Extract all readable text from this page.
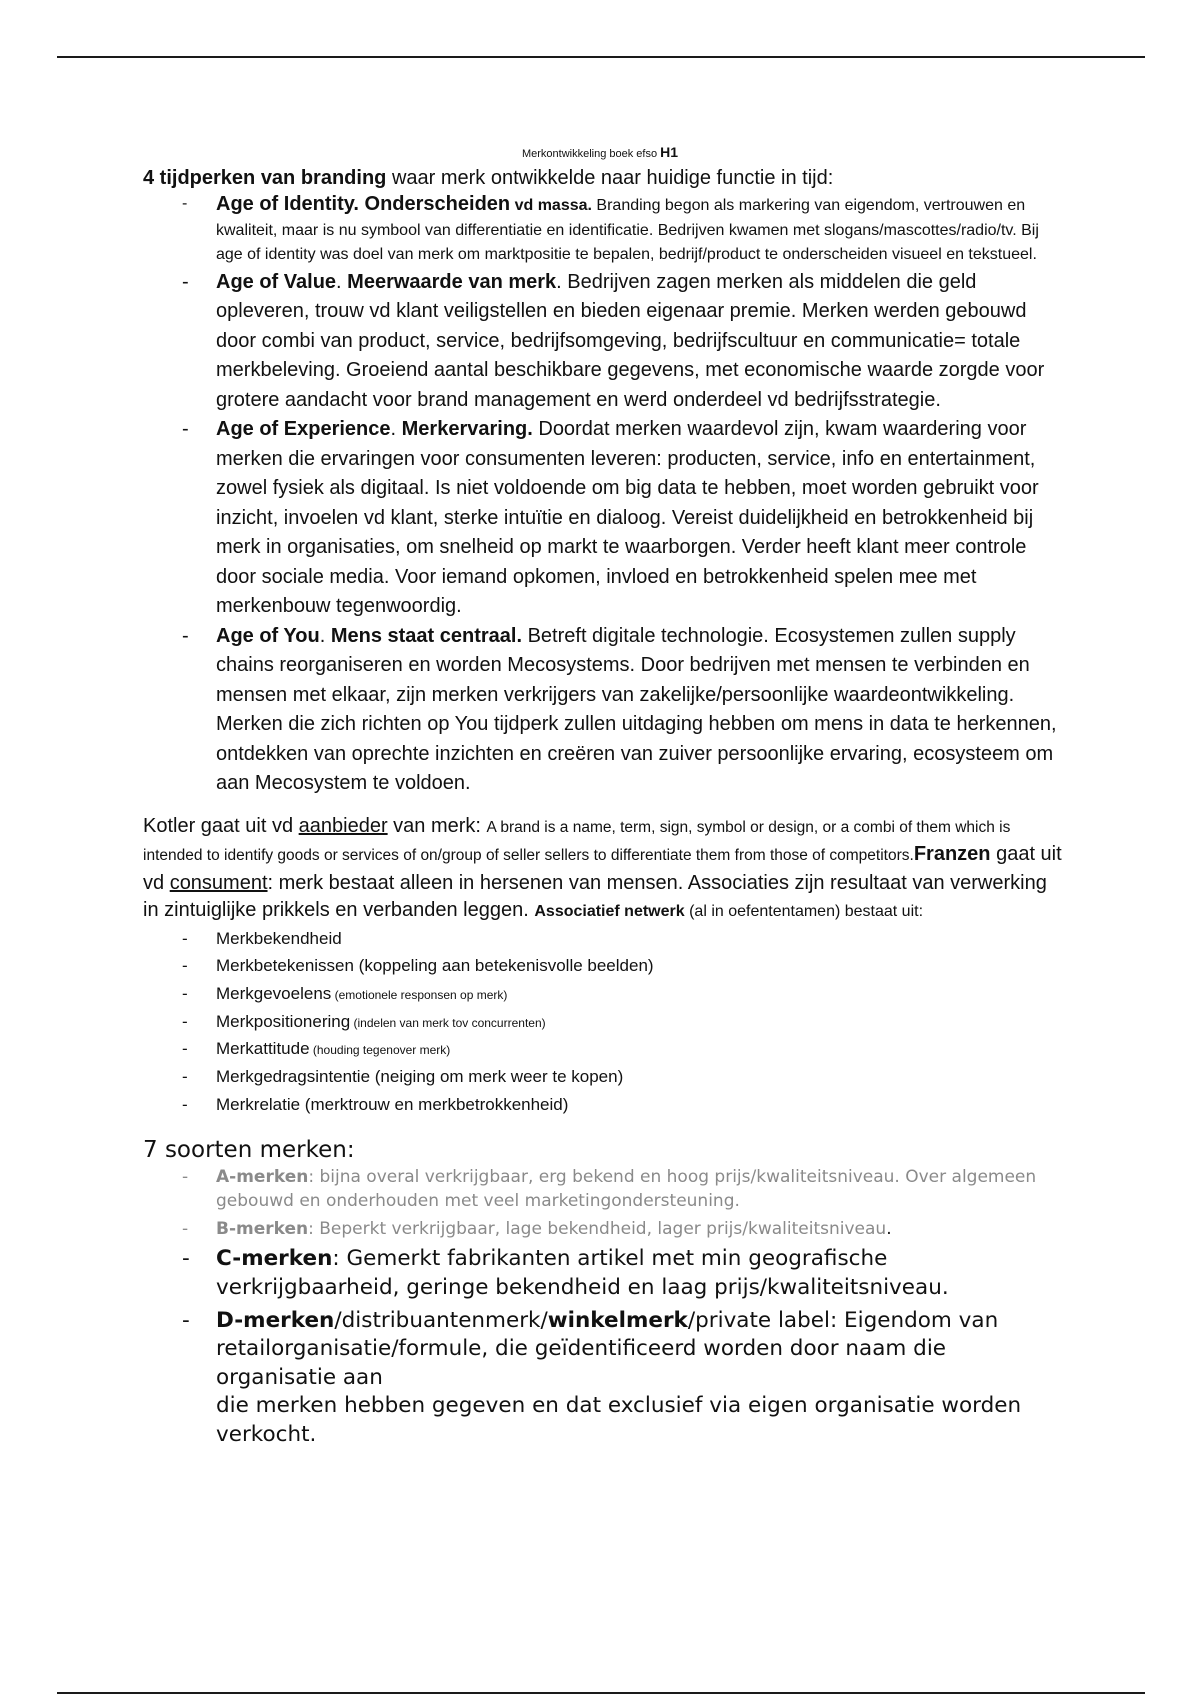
Merkontwikkeling boek efso H1
4 tijdperken van branding waar merk ontwikkelde naar huidige functie in tijd:
- Age of Identity. Onderscheiden vd massa. Branding begon als markering van eigendom, vertrouwen en kwaliteit, maar is nu symbool van differentiatie en identificatie. Bedrijven kwamen met slogans/mascottes/radio/tv. Bij age of identity was doel van merk om marktpositie te bepalen, bedrijf/product te onderscheiden visueel en tekstueel.
- Age of Value. Meerwaarde van merk. Bedrijven zagen merken als middelen die geld opleveren, trouw vd klant veiligstellen en bieden eigenaar premie. Merken werden gebouwd door combi van product, service, bedrijfsomgeving, bedrijfscultuur en communicatie= totale merkbeleving. Groeiend aantal beschikbare gegevens, met economische waarde zorgde voor grotere aandacht voor brand management en werd onderdeel vd bedrijfsstrategie.
- Age of Experience. Merkervaring. Doordat merken waardevol zijn, kwam waardering voor merken die ervaringen voor consumenten leveren: producten, service, info en entertainment, zowel fysiek als digitaal. Is niet voldoende om big data te hebben, moet worden gebruikt voor inzicht, invoelen vd klant, sterke intuïtie en dialoog. Vereist duidelijkheid en betrokkenheid bij merk in organisaties, om snelheid op markt te waarborgen. Verder heeft klant meer controle door sociale media. Voor iemand opkomen, invloed en betrokkenheid spelen mee met merkenbouw tegenwoordig.
- Age of You. Mens staat centraal. Betreft digitale technologie. Ecosystemen zullen supply chains reorganiseren en worden Mecosystems. Door bedrijven met mensen te verbinden en mensen met elkaar, zijn merken verkrijgers van zakelijke/persoonlijke waardeontwikkeling. Merken die zich richten op You tijdperk zullen uitdaging hebben om mens in data te herkennen, ontdekken van oprechte inzichten en creëren van zuiver persoonlijke ervaring, ecosysteem om aan Mecosystem te voldoen.
Kotler gaat uit vd aanbieder van merk: A brand is a name, term, sign, symbol or design, or a combi of them which is intended to identify goods or services of on/group of seller sellers to differentiate them from those of competitors.Franzen gaat uit vd consument: merk bestaat alleen in hersenen van mensen. Associaties zijn resultaat van verwerking in zintuiglijke prikkels en verbanden leggen. Associatief netwerk (al in oefententamen) bestaat uit:
- Merkbekendheid
- Merkbetekenissen (koppeling aan betekenisvolle beelden)
- Merkgevoelens (emotionele responsen op merk)
- Merkpositionering (indelen van merk tov concurrenten)
- Merkattitude (houding tegenover merk)
- Merkgedragsintentie (neiging om merk weer te kopen)
- Merkrelatie (merktrouw en merkbetrokkenheid)
7 soorten merken:
- A-merken: bijna overal verkrijgbaar, erg bekend en hoog prijs/kwaliteitsniveau. Over algemeen gebouwd en onderhouden met veel marketingondersteuning.
- B-merken: Beperkt verkrijgbaar, lage bekendheid, lager prijs/kwaliteitsniveau.
- C-merken: Gemerkt fabrikanten artikel met min geografische verkrijgbaarheid, geringe bekendheid en laag prijs/kwaliteitsniveau.
- D-merken/distribuantenmerk/winkelmerk/private label: Eigendom van retailorganisatie/formule, die geïdentificeerd worden door naam die organisatie aan
die merken hebben gegeven en dat exclusief via eigen organisatie worden verkocht.
